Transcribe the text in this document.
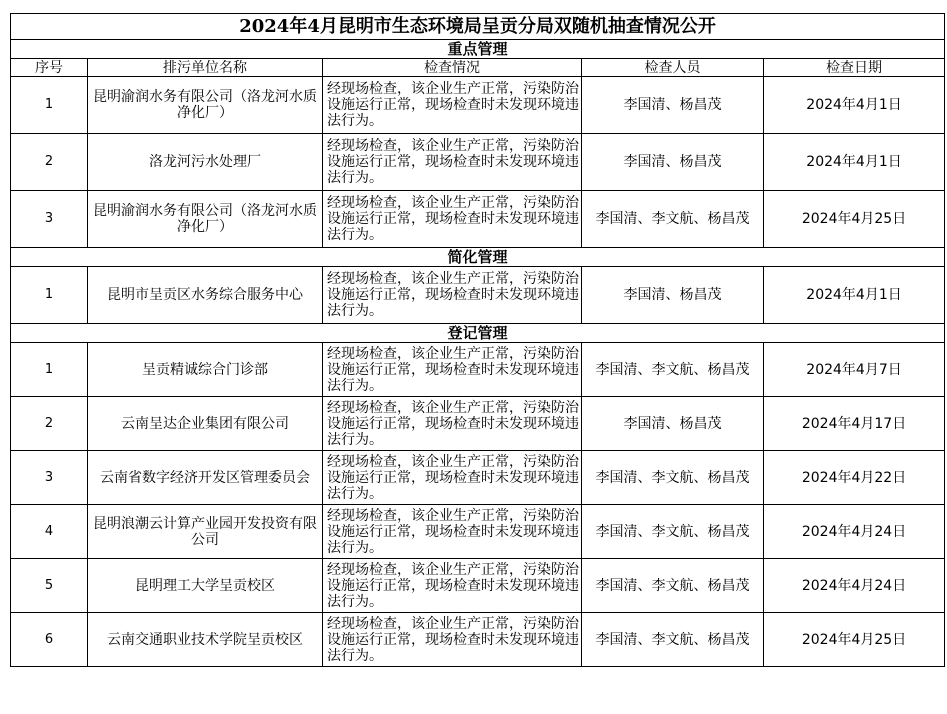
2024年4月昆明市生态环境局呈贡分局双随机抽查情况公开				
重点管理				
序号	排污单位名称	检查情况	检查人员	检查日期
1	昆明渝润水务有限公司（洛龙河水质净化厂）	经现场检查，该企业生产正常，污染防治设施运行正常，现场检查时未发现环境违法行为。	李国清、杨昌茂	2024年4月1日
2	洛龙河污水处理厂	经现场检查，该企业生产正常，污染防治设施运行正常，现场检查时未发现环境违法行为。	李国清、杨昌茂	2024年4月1日
3	昆明渝润水务有限公司（洛龙河水质净化厂）	经现场检查，该企业生产正常，污染防治设施运行正常，现场检查时未发现环境违法行为。	李国清、李文航、杨昌茂	2024年4月25日
简化管理				
1	昆明市呈贡区水务综合服务中心	经现场检查，该企业生产正常，污染防治设施运行正常，现场检查时未发现环境违法行为。	李国清、杨昌茂	2024年4月1日
登记管理				
1	呈贡精诚综合门诊部	经现场检查，该企业生产正常，污染防治设施运行正常，现场检查时未发现环境违法行为。	李国清、李文航、杨昌茂	2024年4月7日
2	云南呈达企业集团有限公司	经现场检查，该企业生产正常，污染防治设施运行正常，现场检查时未发现环境违法行为。	李国清、杨昌茂	2024年4月17日
3	云南省数字经济开发区管理委员会	经现场检查，该企业生产正常，污染防治设施运行正常，现场检查时未发现环境违法行为。	李国清、李文航、杨昌茂	2024年4月22日
4	昆明浪潮云计算产业园开发投资有限公司	经现场检查，该企业生产正常，污染防治设施运行正常，现场检查时未发现环境违法行为。	李国清、李文航、杨昌茂	2024年4月24日
5	昆明理工大学呈贡校区	经现场检查，该企业生产正常，污染防治设施运行正常，现场检查时未发现环境违法行为。	李国清、李文航、杨昌茂	2024年4月24日
6	云南交通职业技术学院呈贡校区	经现场检查，该企业生产正常，污染防治设施运行正常，现场检查时未发现环境违法行为。	李国清、李文航、杨昌茂	2024年4月25日
